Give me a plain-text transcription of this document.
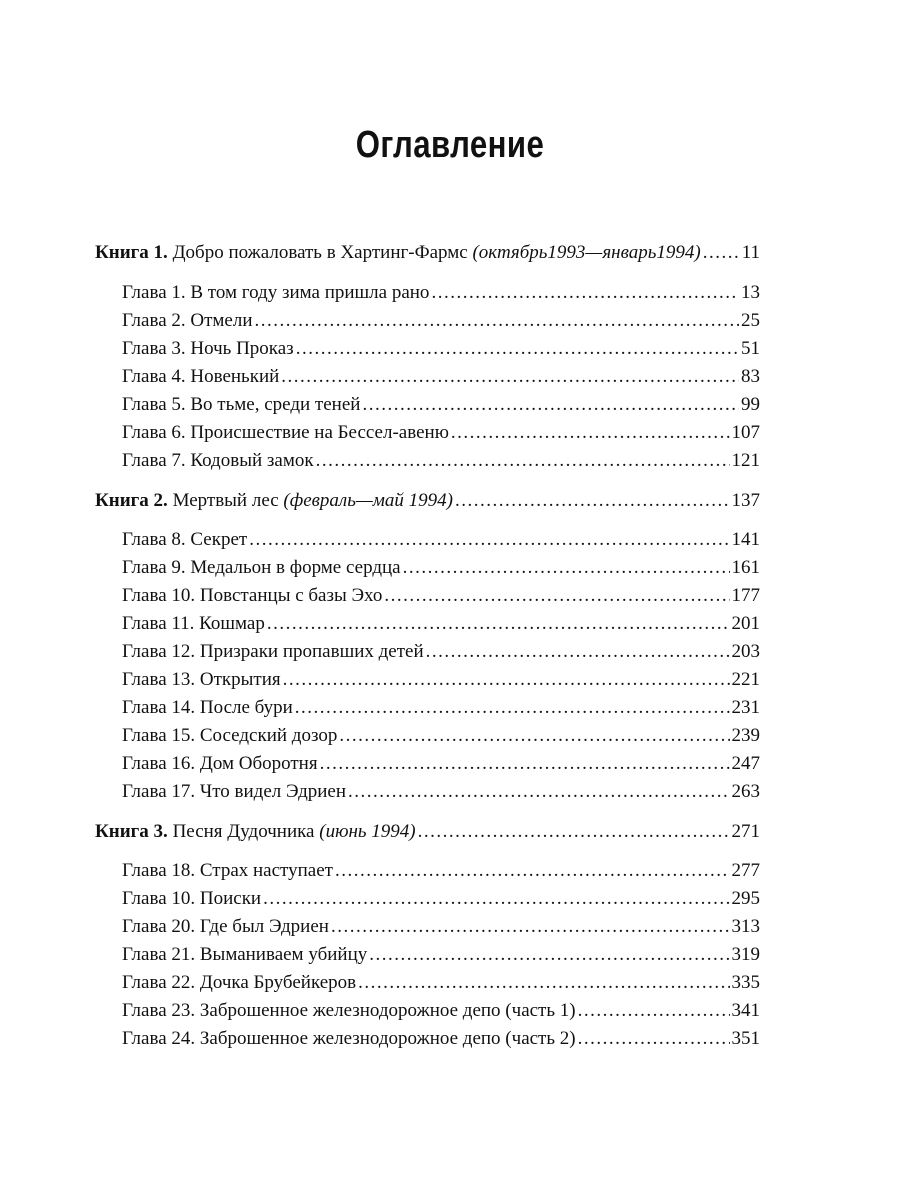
Оглавление
Книга 1. Добро пожаловать в Хартинг-Фармс (октябрь1993—январь1994) ..... 11
Глава 1. В том году зима пришла рано .....	13
Глава 2. Отмели .....	25
Глава 3. Ночь Проказ .....	51
Глава 4. Новенький .....	83
Глава 5. Во тьме, среди теней .....	99
Глава 6. Происшествие на Бессел-авеню .....	107
Глава 7. Кодовый замок .....	121
Книга 2. Мертвый лес (февраль—май 1994) .....	137
Глава 8. Секрет .....	141
Глава 9. Медальон в форме сердца .....	161
Глава 10. Повстанцы с базы Эхо .....	177
Глава 11. Кошмар .....	201
Глава 12. Призраки пропавших детей .....	203
Глава 13. Открытия .....	221
Глава 14. После бури .....	231
Глава 15. Соседский дозор .....	239
Глава 16. Дом Оборотня .....	247
Глава 17. Что видел Эдриен .....	263
Книга 3. Песня Дудочника (июнь 1994) .....	271
Глава 18. Страх наступает .....	277
Глава 10. Поиски .....	295
Глава 20. Где был Эдриен .....	313
Глава 21. Выманиваем убийцу .....	319
Глава 22. Дочка Брубейкеров .....	335
Глава 23. Заброшенное железнодорожное депо (часть 1) .....	341
Глава 24. Заброшенное железнодорожное депо (часть 2) .....	351
